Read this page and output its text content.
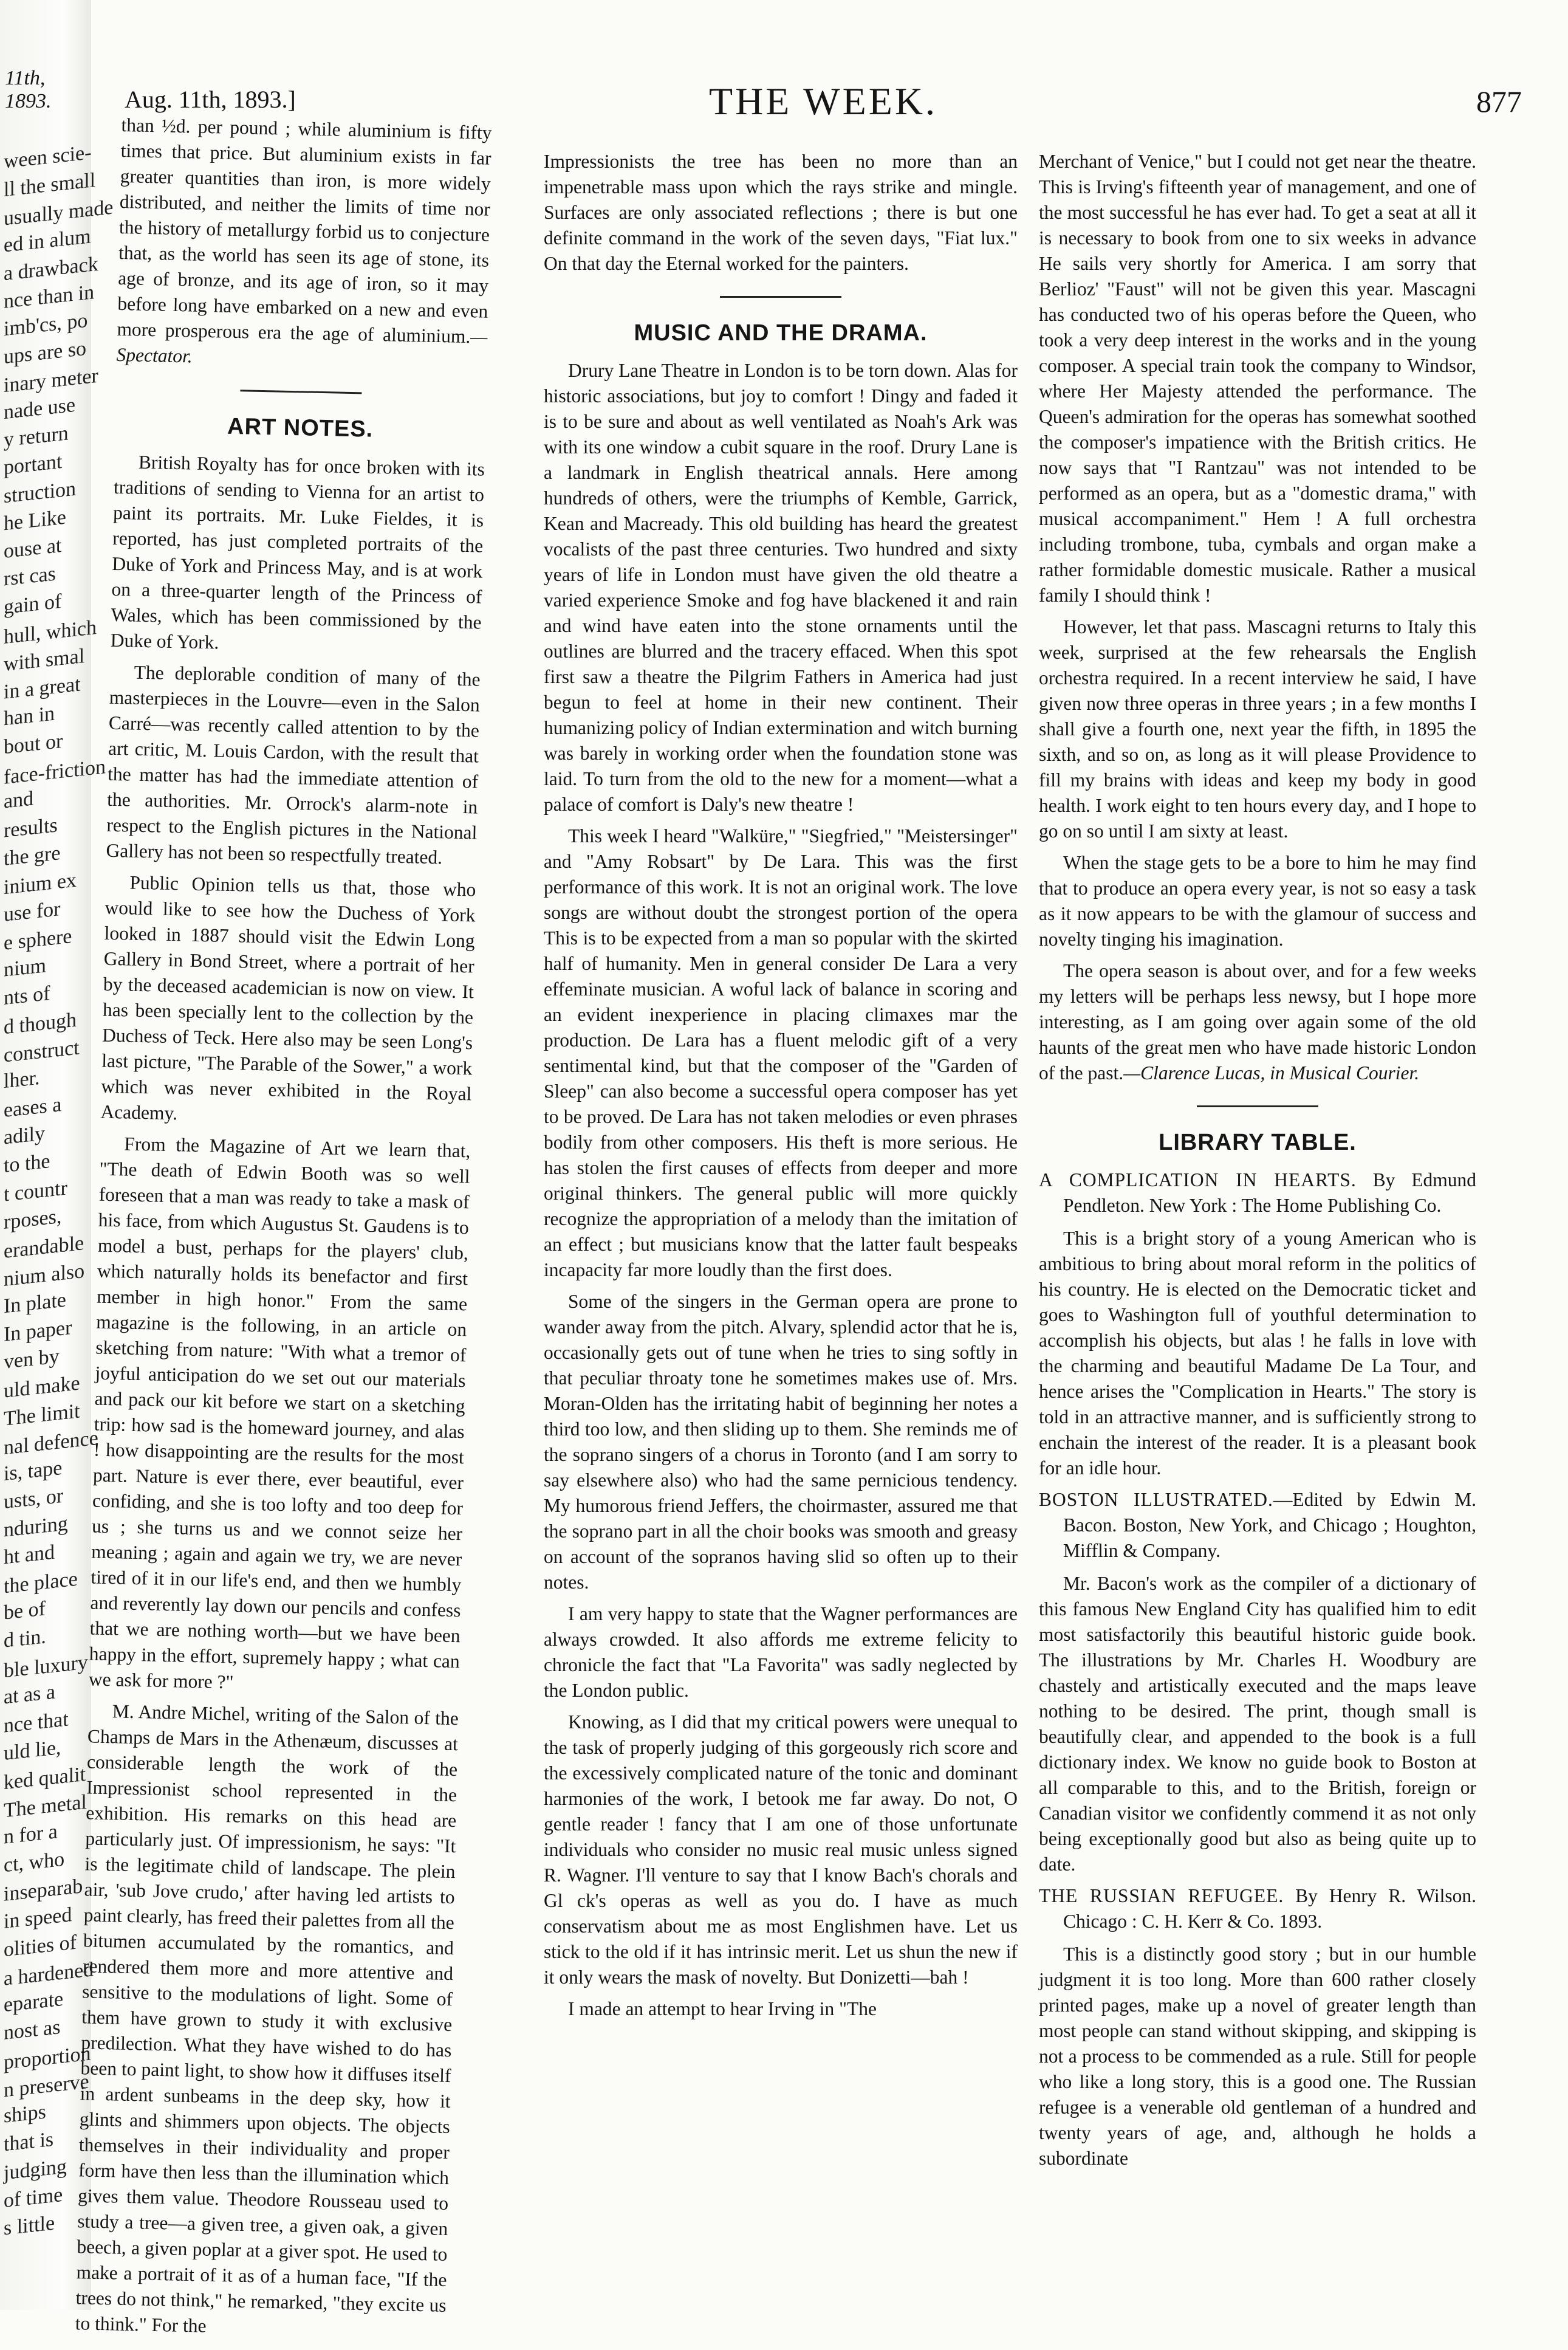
11th, 1893.
ween scie-
ll the small
usually made
ed in alum
a drawback
nce than in
imb'cs, po
ups are so
inary meter
nade use
y return
portant
struction
he Like
ouse at
rst cas
gain of
hull, which
with smal
in a great
han in
bout or
face-friction
and
results
the gre
inium ex
use for
e sphere
nium
nts of
d though
construct
lher.
eases a
adily
to the
t countr
rposes,
erandable
nium also
In plate
In paper
ven by
uld make
The limit
nal defence
is, tape
usts, or
nduring
ht and
the place
be of
d tin.
ble luxury
at as a
nce that
uld lie,
ked qualit
The metal
n for a
ct, who
inseparab
in speed
olities of
a hardened
eparate
nost as
proportion
n preserve
ships
that is
judging
of time
s little
Aug. 11th, 1893.]	THE WEEK.	877

than ½d. per pound ; while aluminium is fifty times that price. But aluminium exists in far greater quantities than iron, is more widely distributed, and neither the limits of time nor the history of metallurgy forbid us to conjecture that, as the world has seen its age of stone, its age of bronze, and its age of iron, so it may before long have embarked on a new and even more prosperous era the age of aluminium.—Spectator.

ART NOTES.

British Royalty has for once broken with its traditions of sending to Vienna for an artist to paint its portraits. Mr. Luke Fieldes, it is reported, has just completed portraits of the Duke of York and Princess May, and is at work on a three-quarter length of the Princess of Wales, which has been commissioned by the Duke of York.

The deplorable condition of many of the masterpieces in the Louvre—even in the Salon Carré—was recently called attention to by the art critic, M. Louis Cardon, with the result that the matter has had the immediate attention of the authorities. Mr. Orrock's alarm-note in respect to the English pictures in the National Gallery has not been so respectfully treated.

Public Opinion tells us that, those who would like to see how the Duchess of York looked in 1887 should visit the Edwin Long Gallery in Bond Street, where a portrait of her by the deceased academician is now on view. It has been specially lent to the collection by the Duchess of Teck. Here also may be seen Long's last picture, "The Parable of the Sower," a work which was never exhibited in the Royal Academy.

From the Magazine of Art we learn that, "The death of Edwin Booth was so well foreseen that a man was ready to take a mask of his face, from which Augustus St. Gaudens is to model a bust, perhaps for the players' club, which naturally holds its benefactor and first member in high honor." From the same magazine is the following, in an article on sketching from nature: "With what a tremor of joyful anticipation do we set out our materials and pack our kit before we start on a sketching trip: how sad is the homeward journey, and alas ! how disappointing are the results for the most part. Nature is ever there, ever beautiful, ever confiding, and she is too lofty and too deep for us ; she turns us and we connot seize her meaning ; again and again we try, we are never tired of it in our life's end, and then we humbly and reverently lay down our pencils and confess that we are nothing worth—but we have been happy in the effort, supremely happy ; what can we ask for more ?"

M. Andre Michel, writing of the Salon of the Champs de Mars in the Athenæum, discusses at considerable length the work of the Impressionist school represented in the exhibition. His remarks on this head are particularly just. Of impressionism, he says: "It is the legitimate child of landscape. The plein air, 'sub Jove crudo,' after having led artists to paint clearly, has freed their palettes from all the bitumen accumulated by the romantics, and rendered them more and more attentive and sensitive to the modulations of light. Some of them have grown to study it with exclusive predilection. What they have wished to do has been to paint light, to show how it diffuses itself in ardent sunbeams in the deep sky, how it glints and shimmers upon objects. The objects themselves in their individuality and proper form have then less than the illumination which gives them value. Theodore Rousseau used to study a tree—a given tree, a given oak, a given beech, a given poplar at a giver spot. He used to make a portrait of it as of a human face, "If the trees do not think," he remarked, "they excite us to think." For the

Impressionists the tree has been no more than an impenetrable mass upon which the rays strike and mingle. Surfaces are only associated reflections ; there is but one definite command in the work of the seven days, "Fiat lux." On that day the Eternal worked for the painters.

MUSIC AND THE DRAMA.

Drury Lane Theatre in London is to be torn down. Alas for historic associations, but joy to comfort ! Dingy and faded it is to be sure and about as well ventilated as Noah's Ark was with its one window a cubit square in the roof. Drury Lane is a landmark in English theatrical annals. Here among hundreds of others, were the triumphs of Kemble, Garrick, Kean and Macready. This old building has heard the greatest vocalists of the past three centuries. Two hundred and sixty years of life in London must have given the old theatre a varied experience Smoke and fog have blackened it and rain and wind have eaten into the stone ornaments until the outlines are blurred and the tracery effaced. When this spot first saw a theatre the Pilgrim Fathers in America had just begun to feel at home in their new continent. Their humanizing policy of Indian extermination and witch burning was barely in working order when the foundation stone was laid. To turn from the old to the new for a moment—what a palace of comfort is Daly's new theatre !

This week I heard "Walküre," "Siegfried," "Meistersinger" and "Amy Robsart" by De Lara. This was the first performance of this work. It is not an original work. The love songs are without doubt the strongest portion of the opera This is to be expected from a man so popular with the skirted half of humanity. Men in general consider De Lara a very effeminate musician. A woful lack of balance in scoring and an evident inexperience in placing climaxes mar the production. De Lara has a fluent melodic gift of a very sentimental kind, but that the composer of the "Garden of Sleep" can also become a successful opera composer has yet to be proved. De Lara has not taken melodies or even phrases bodily from other composers. His theft is more serious. He has stolen the first causes of effects from deeper and more original thinkers. The general public will more quickly recognize the appropriation of a melody than the imitation of an effect ; but musicians know that the latter fault bespeaks incapacity far more loudly than the first does.

Some of the singers in the German opera are prone to wander away from the pitch. Alvary, splendid actor that he is, occasionally gets out of tune when he tries to sing softly in that peculiar throaty tone he sometimes makes use of. Mrs. Moran-Olden has the irritating habit of beginning her notes a third too low, and then sliding up to them. She reminds me of the soprano singers of a chorus in Toronto (and I am sorry to say elsewhere also) who had the same pernicious tendency. My humorous friend Jeffers, the choirmaster, assured me that the soprano part in all the choir books was smooth and greasy on account of the sopranos having slid so often up to their notes.

I am very happy to state that the Wagner performances are always crowded. It also affords me extreme felicity to chronicle the fact that "La Favorita" was sadly neglected by the London public.

Knowing, as I did that my critical powers were unequal to the task of properly judging of this gorgeously rich score and the excessively complicated nature of the tonic and dominant harmonies of the work, I betook me far away. Do not, O gentle reader ! fancy that I am one of those unfortunate individuals who consider no music real music unless signed R. Wagner. I'll venture to say that I know Bach's chorals and Gl ck's operas as well as you do. I have as much conservatism about me as most Englishmen have. Let us stick to the old if it has intrinsic merit. Let us shun the new if it only wears the mask of novelty. But Donizetti—bah !

I made an attempt to hear Irving in "The

Merchant of Venice," but I could not get near the theatre. This is Irving's fifteenth year of management, and one of the most successful he has ever had. To get a seat at all it is necessary to book from one to six weeks in advance He sails very shortly for America. I am sorry that Berlioz' "Faust" will not be given this year. Mascagni has conducted two of his operas before the Queen, who took a very deep interest in the works and in the young composer. A special train took the company to Windsor, where Her Majesty attended the performance. The Queen's admiration for the operas has somewhat soothed the composer's impatience with the British critics. He now says that "I Rantzau" was not intended to be performed as an opera, but as a "domestic drama," with musical accompaniment." Hem ! A full orchestra including trombone, tuba, cymbals and organ make a rather formidable domestic musicale. Rather a musical family I should think !

However, let that pass. Mascagni returns to Italy this week, surprised at the few rehearsals the English orchestra required. In a recent interview he said, I have given now three operas in three years ; in a few months I shall give a fourth one, next year the fifth, in 1895 the sixth, and so on, as long as it will please Providence to fill my brains with ideas and keep my body in good health. I work eight to ten hours every day, and I hope to go on so until I am sixty at least.

When the stage gets to be a bore to him he may find that to produce an opera every year, is not so easy a task as it now appears to be with the glamour of success and novelty tinging his imagination.

The opera season is about over, and for a few weeks my letters will be perhaps less newsy, but I hope more interesting, as I am going over again some of the old haunts of the great men who have made historic London of the past.—Clarence Lucas, in Musical Courier.

LIBRARY TABLE.

A COMPLICATION IN HEARTS. By Edmund Pendleton. New York : The Home Publishing Co.

This is a bright story of a young American who is ambitious to bring about moral reform in the politics of his country. He is elected on the Democratic ticket and goes to Washington full of youthful determination to accomplish his objects, but alas ! he falls in love with the charming and beautiful Madame De La Tour, and hence arises the "Complication in Hearts." The story is told in an attractive manner, and is sufficiently strong to enchain the interest of the reader. It is a pleasant book for an idle hour.

BOSTON ILLUSTRATED.—Edited by Edwin M. Bacon. Boston, New York, and Chicago ; Houghton, Mifflin & Company.

Mr. Bacon's work as the compiler of a dictionary of this famous New England City has qualified him to edit most satisfactorily this beautiful historic guide book. The illustrations by Mr. Charles H. Woodbury are chastely and artistically executed and the maps leave nothing to be desired. The print, though small is beautifully clear, and appended to the book is a full dictionary index. We know no guide book to Boston at all comparable to this, and to the British, foreign or Canadian visitor we confidently commend it as not only being exceptionally good but also as being quite up to date.

THE RUSSIAN REFUGEE. By Henry R. Wilson. Chicago : C. H. Kerr & Co. 1893.

This is a distinctly good story ; but in our humble judgment it is too long. More than 600 rather closely printed pages, make up a novel of greater length than most people can stand without skipping, and skipping is not a process to be commended as a rule. Still for people who like a long story, this is a good one. The Russian refugee is a venerable old gentleman of a hundred and twenty years of age, and, although he holds a subordinate
